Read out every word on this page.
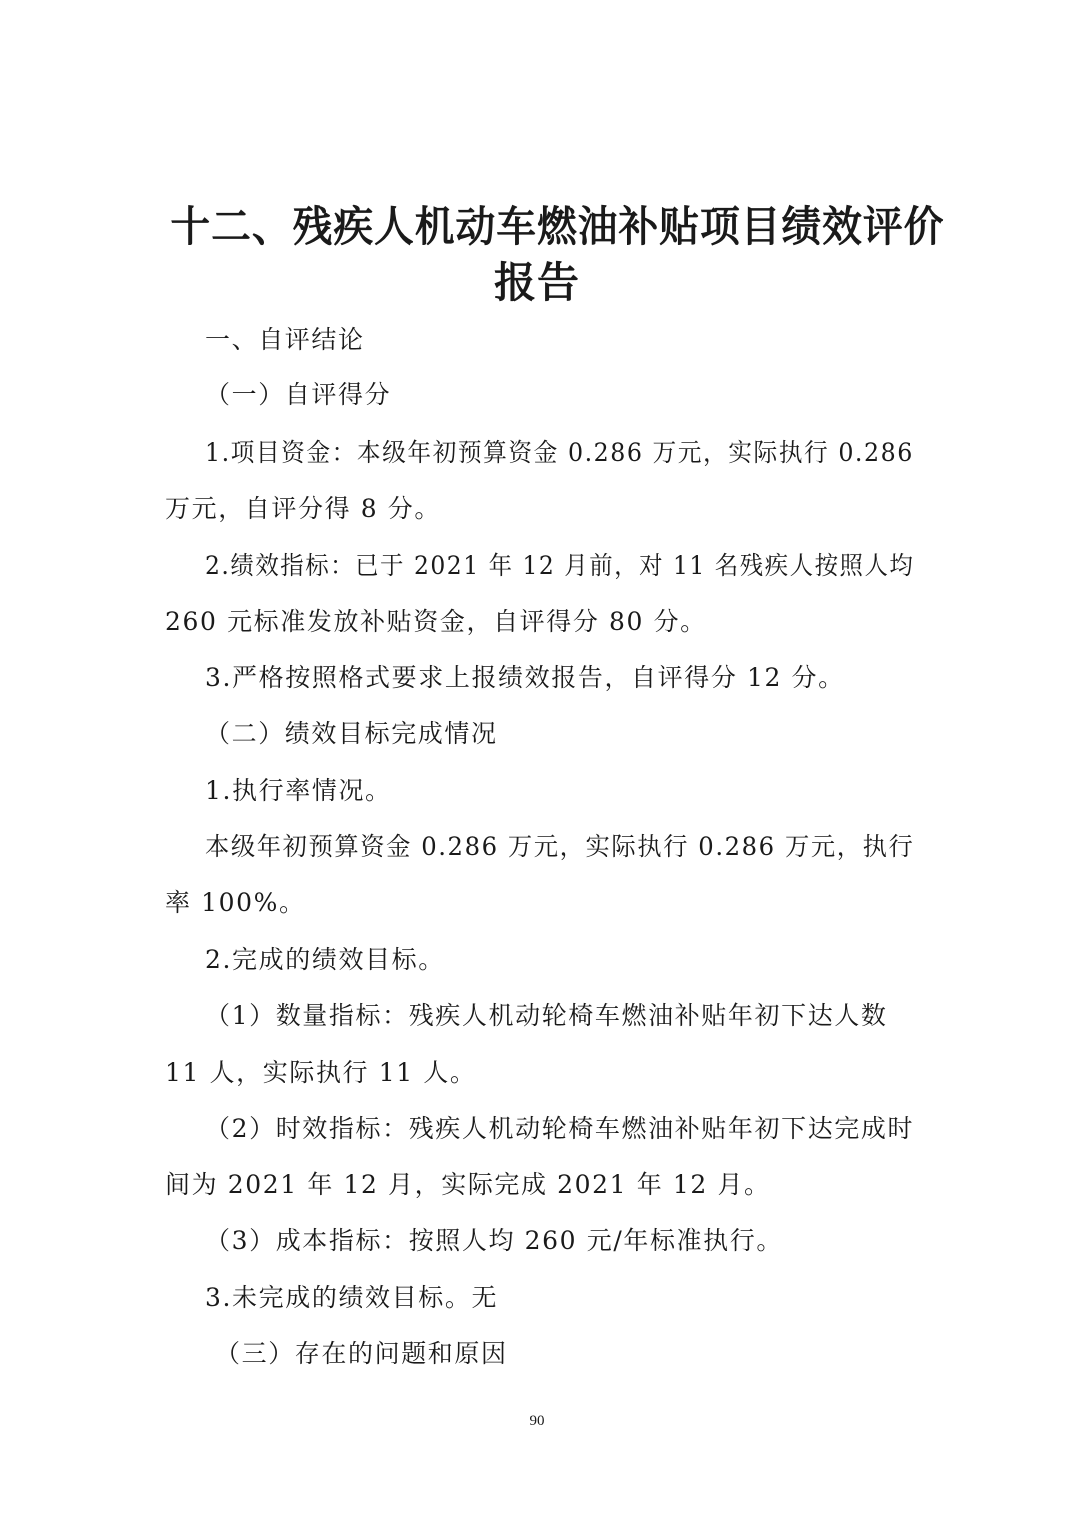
十二、残疾人机动车燃油补贴项目绩效评价
报告

一、自评结论

（一）自评得分

1.项目资金：本级年初预算资金 0.286 万元，实际执行 0.286

万元，自评分得 8 分。

2.绩效指标：已于 2021 年 12 月前，对 11 名残疾人按照人均

260 元标准发放补贴资金，自评得分 80 分。

3.严格按照格式要求上报绩效报告，自评得分 12 分。

（二）绩效目标完成情况

1.执行率情况。

本级年初预算资金 0.286 万元，实际执行 0.286 万元，执行

率 100%。

2.完成的绩效目标。

（1）数量指标：残疾人机动轮椅车燃油补贴年初下达人数

11 人，实际执行 11 人。

（2）时效指标：残疾人机动轮椅车燃油补贴年初下达完成时

间为 2021 年 12 月，实际完成 2021 年 12 月。

（3）成本指标：按照人均 260 元/年标准执行。

3.未完成的绩效目标。无

（三）存在的问题和原因

90
